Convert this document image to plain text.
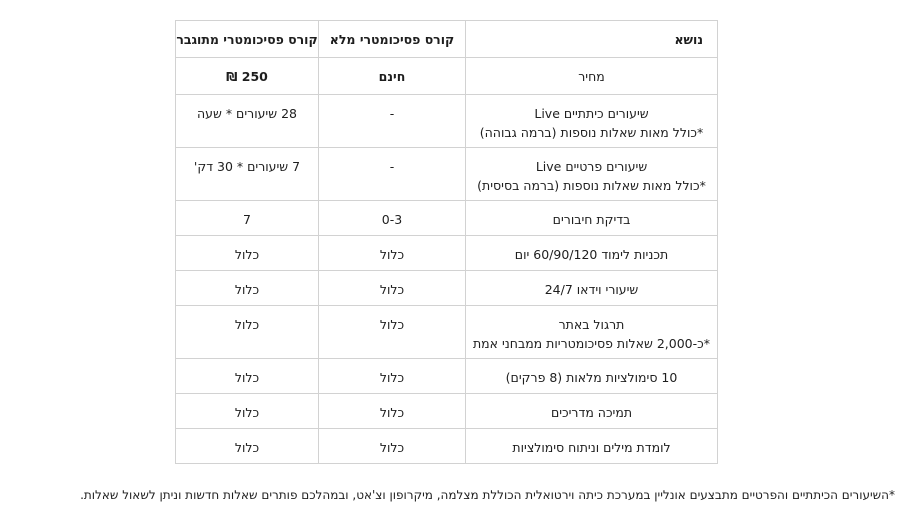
נושא	קורס פסיכומטרי מלא	קורס פסיכומטרי מתוגבר

מחיר	חינם	250 ₪

שיעורים כיתתיים Live
*כולל מאות שאלות נוספות (ברמה גבוהה)	-	28 שיעורים * שעה

שיעורים פרטיים Live
*כולל מאות שאלות נוספות (ברמה בסיסית)	-	7 שיעורים * 30 דק'

בדיקת חיבורים	0-3	7

תכניות לימוד 60/90/120 יום	כלול	כלול

שיעורי וידאו 24/7	כלול	כלול

תרגול באתר
*כ-2,000 שאלות פסיכומטריות ממבחני אמת	כלול	כלול

10 סימולציות מלאות (8 פרקים)	כלול	כלול

תמיכה מדריכים	כלול	כלול

לומדת מילים וניתוח סימולציות	כלול	כלול
*השיעורים הכיתתיים והפרטיים מתבצעים אונליין במערכת כיתה וירטואלית הכוללת מצלמה, מיקרופון וצ'אט, ובמהלכם פותרים שאלות חדשות וניתן לשאול שאלות.
